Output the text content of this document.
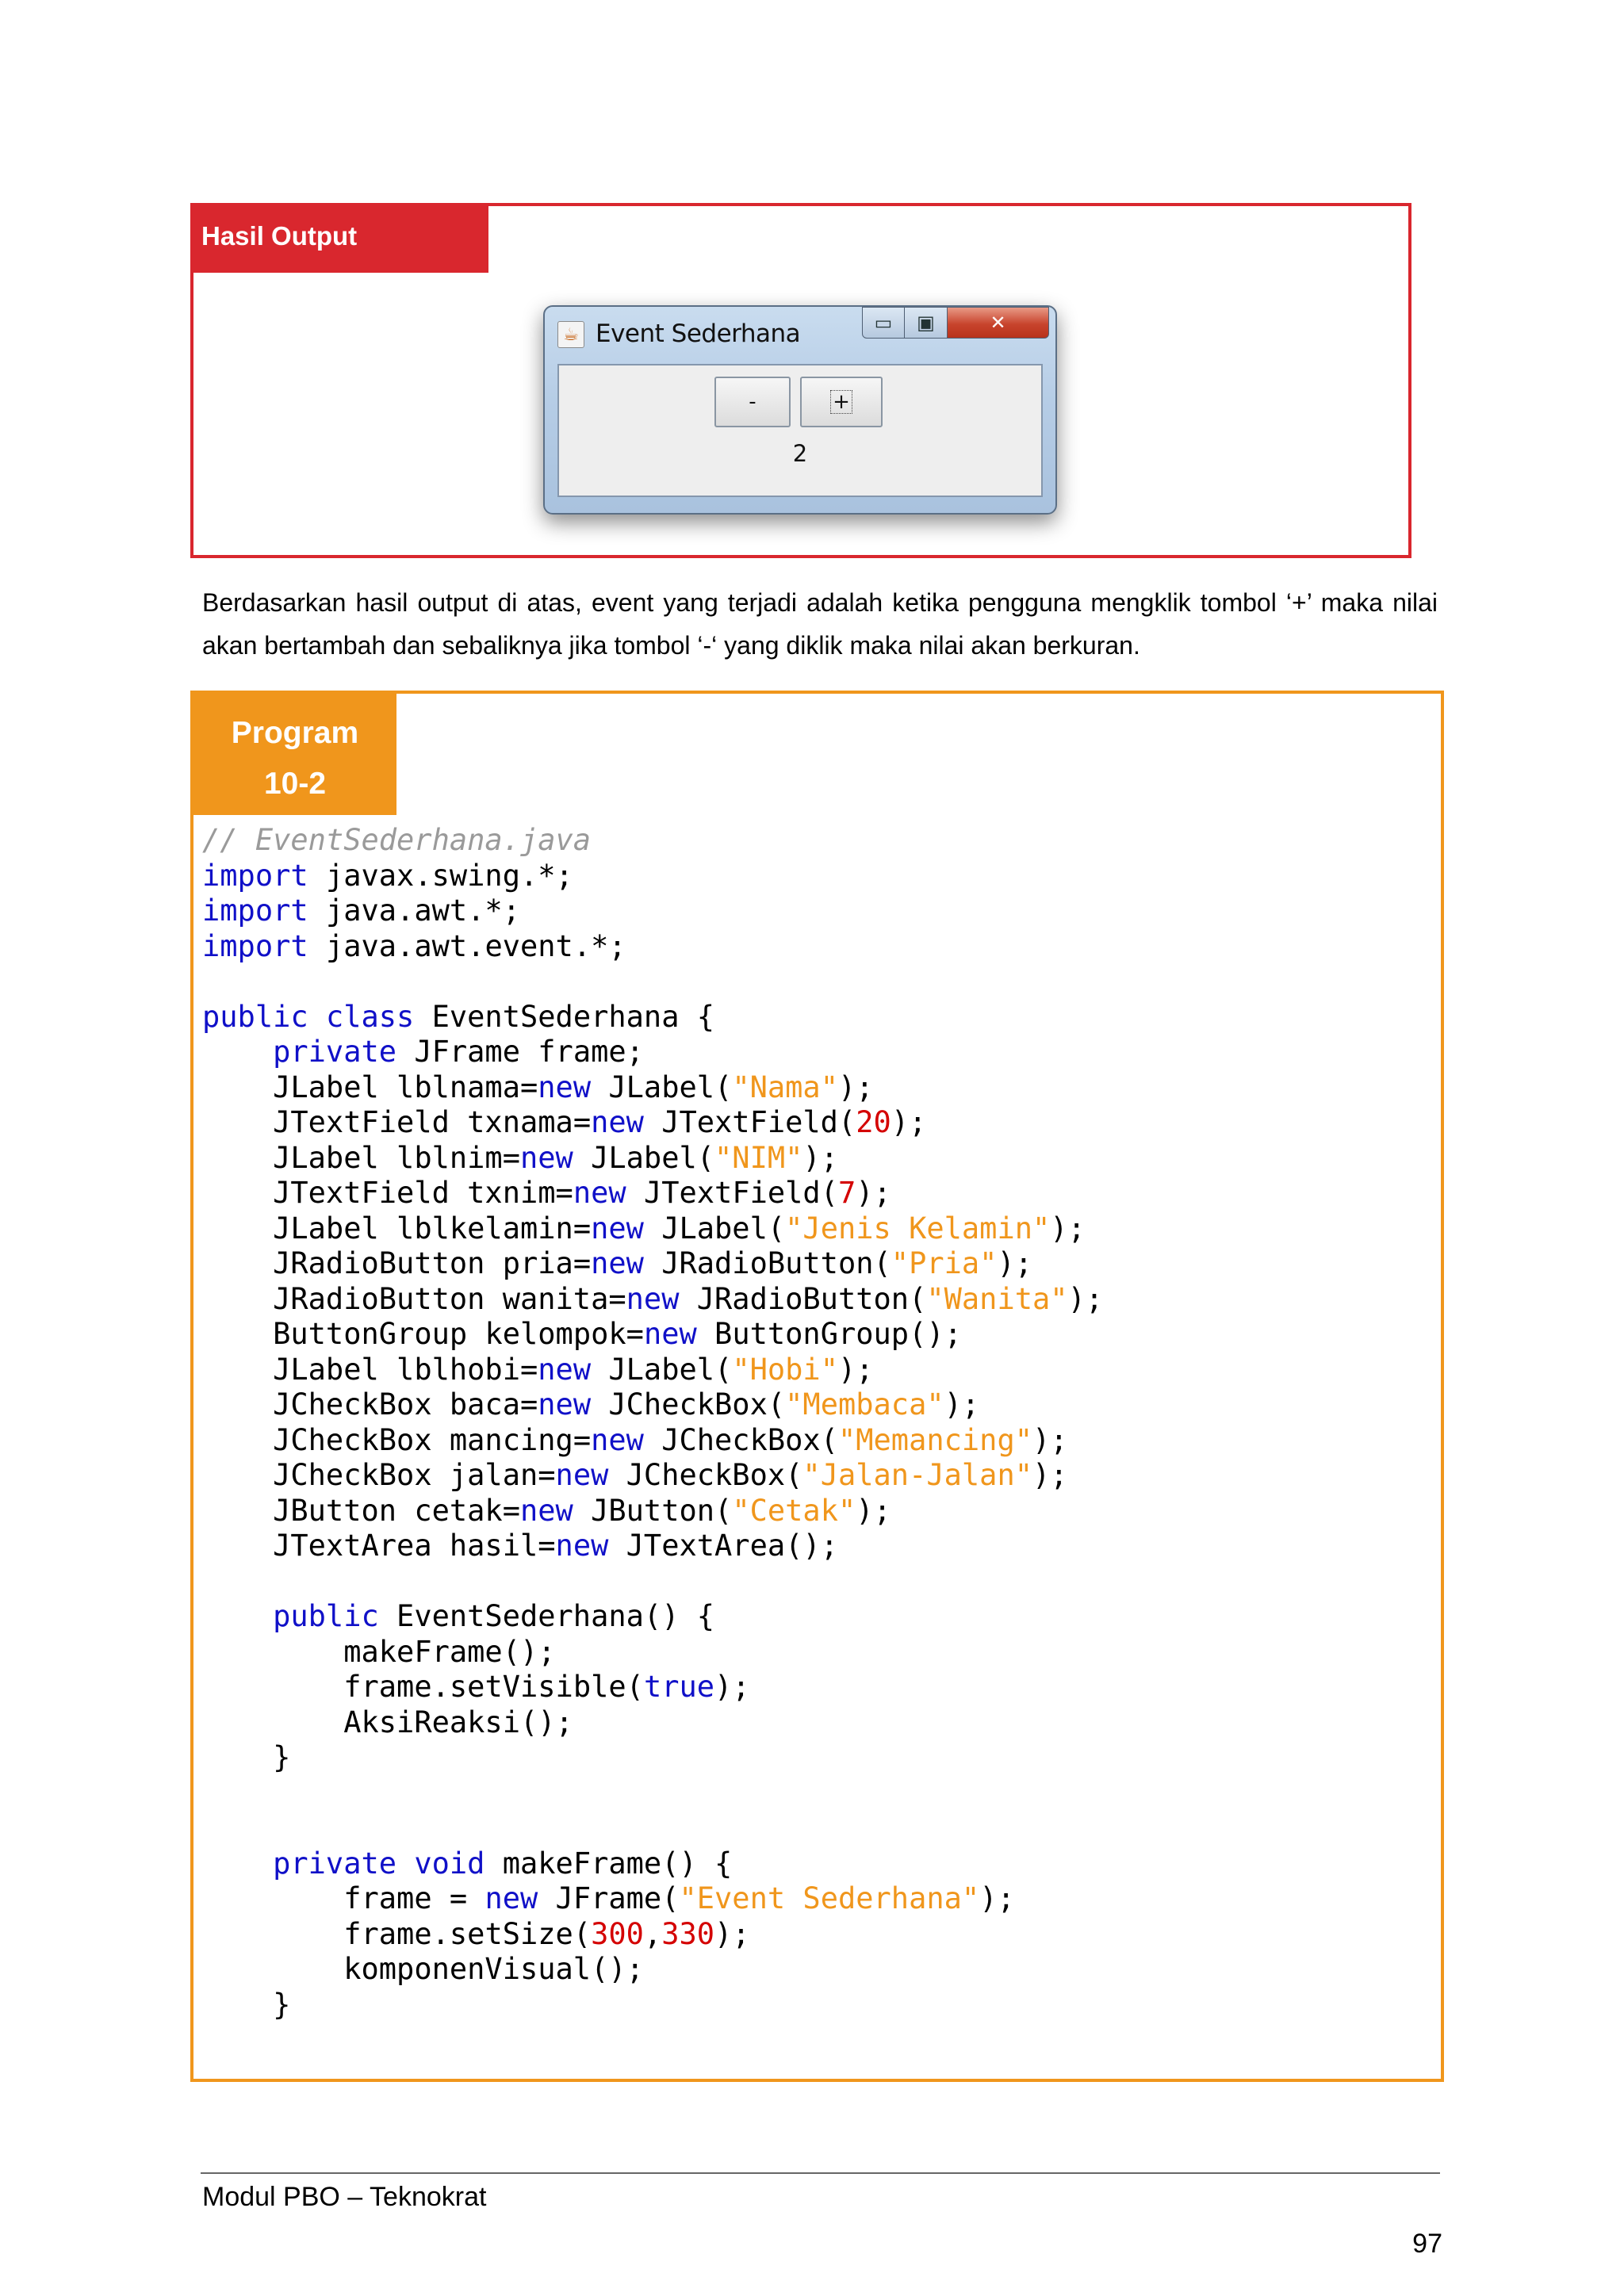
Hasil Output
☕ Event Sederhana	▭	▣	✕
-	+
2

Berdasarkan hasil output di atas, event yang terjadi adalah ketika pengguna mengklik tombol ‘+’ maka nilai akan bertambah dan sebaliknya jika tombol ‘-‘ yang diklik maka nilai akan berkuran.

Program
10-2
// EventSederhana.java
import javax.swing.*;
import java.awt.*;
import java.awt.event.*;
public class EventSederhana {
private JFrame frame;
JLabel lblnama=new JLabel("Nama");
JTextField txnama=new JTextField(20);
JLabel lblnim=new JLabel("NIM");
JTextField txnim=new JTextField(7);
JLabel lblkelamin=new JLabel("Jenis Kelamin");
JRadioButton pria=new JRadioButton("Pria");
JRadioButton wanita=new JRadioButton("Wanita");
ButtonGroup kelompok=new ButtonGroup();
JLabel lblhobi=new JLabel("Hobi");
JCheckBox baca=new JCheckBox("Membaca");
JCheckBox mancing=new JCheckBox("Memancing");
JCheckBox jalan=new JCheckBox("Jalan-Jalan");
JButton cetak=new JButton("Cetak");
JTextArea hasil=new JTextArea();
public EventSederhana() {
makeFrame();
frame.setVisible(true);
AksiReaksi();
}
private void makeFrame() {
frame = new JFrame("Event Sederhana");
frame.setSize(300,330);
komponenVisual();
}
Modul PBO – Teknokrat
97
